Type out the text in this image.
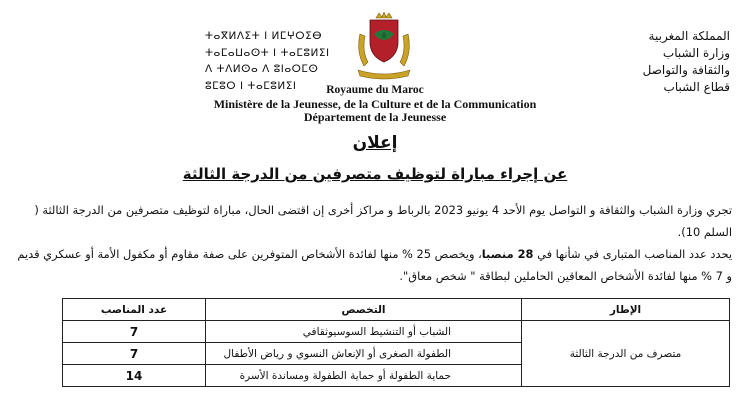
ⵜⴰⴳⵍⴷⵉⵜ ⵏ ⵍⵎⵖⵔⵉⴱ
ⵜⴰⵎⴰⵡⴰⵙⵜ ⵏ ⵜⴰⵎⵓⵍⵉⵏ
ⴷ ⵜⴷⵍⵙⴰ ⴷ ⵓⵏⴰⵔⵎⵙ
ⵓⵎⵓⵔ ⵏ ⵜⴰⵎⵓⵍⵉⵏ
المملكة المغربية
وزارة الشباب
والثقافة والتواصل
قطاع الشباب
Royaume du Maroc
Ministère de la Jeunesse, de la Culture et de la Communication
Département de la Jeunesse
إعلان
عن إجراء مباراة لتوظيف متصرفين من الدرجة الثالثة
تجري وزارة الشباب والثقافة و التواصل يوم الأحد 4 يونيو 2023 بالرباط و مراكز أخرى إن اقتضى الحال، مباراة لتوظيف متصرفين من الدرجة الثالثة ( السلم 10).
يحدد عدد المناصب المتبارى في شأنها في 28 منصبا، ويخصص 25 % منها لفائدة الأشخاص المتوفرين على صفة مقاوم أو مكفول الأمة أو عسكري قديم و 7 % منها لفائدة الأشخاص المعاقين الحاملين لبطاقة " شخص معاق".
الإطار	التخصص	عدد المناصب
متصرف من الدرجة الثالثة	الشباب أو التنشيط السوسيوثقافي	7
	الطفولة الصغرى أو الإنعاش النسوي و رياض الأطفال	7
	حماية الطفولة أو حماية الطفولة ومساندة الأسرة	14
